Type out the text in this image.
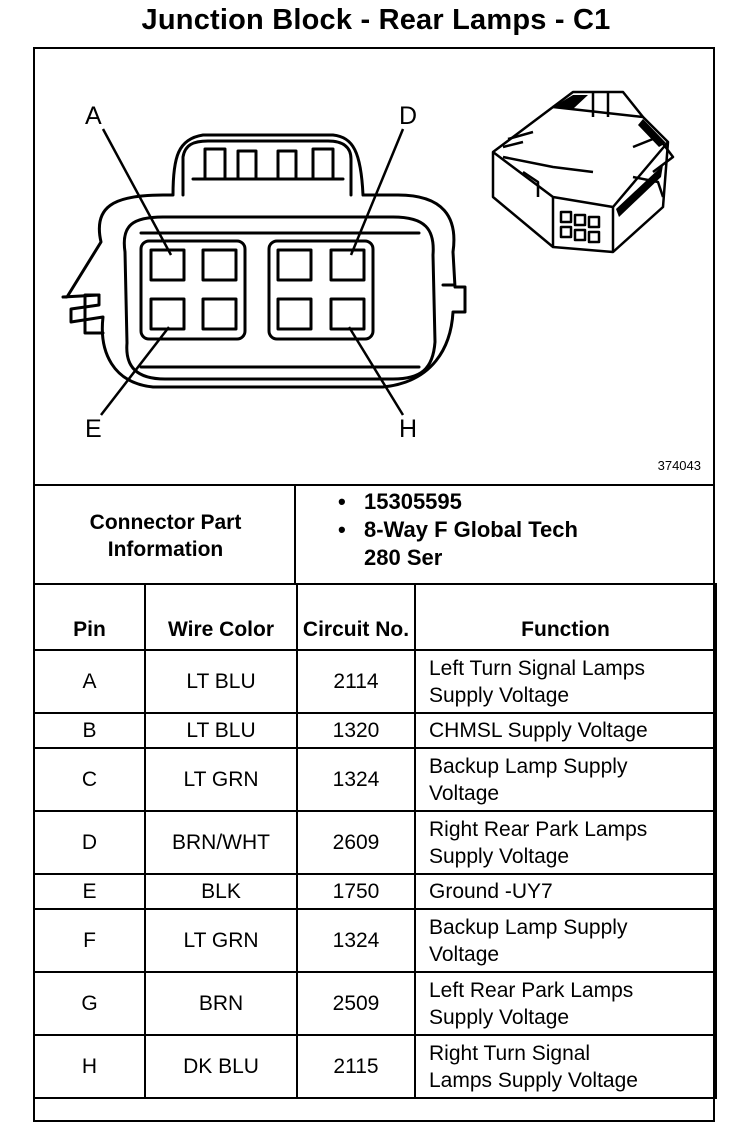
Junction Block - Rear Lamps - C1
A	D
E	H
374043
Connector Part
Information
• 15305595
• 8-Way F Global Tech
280 Ser
Pin	Wire Color	Circuit No.	Function
A	LT BLU	2114	Left Turn Signal Lamps
Supply Voltage

B	LT BLU	1320	CHMSL Supply Voltage

C	LT GRN	1324	Backup Lamp Supply
Voltage

D	BRN/WHT	2609	Right Rear Park Lamps
Supply Voltage

E	BLK	1750	Ground -UY7

F	LT GRN	1324	Backup Lamp Supply
Voltage

G	BRN	2509	Left Rear Park Lamps
Supply Voltage

H	DK BLU	2115	Right Turn Signal
Lamps Supply Voltage
